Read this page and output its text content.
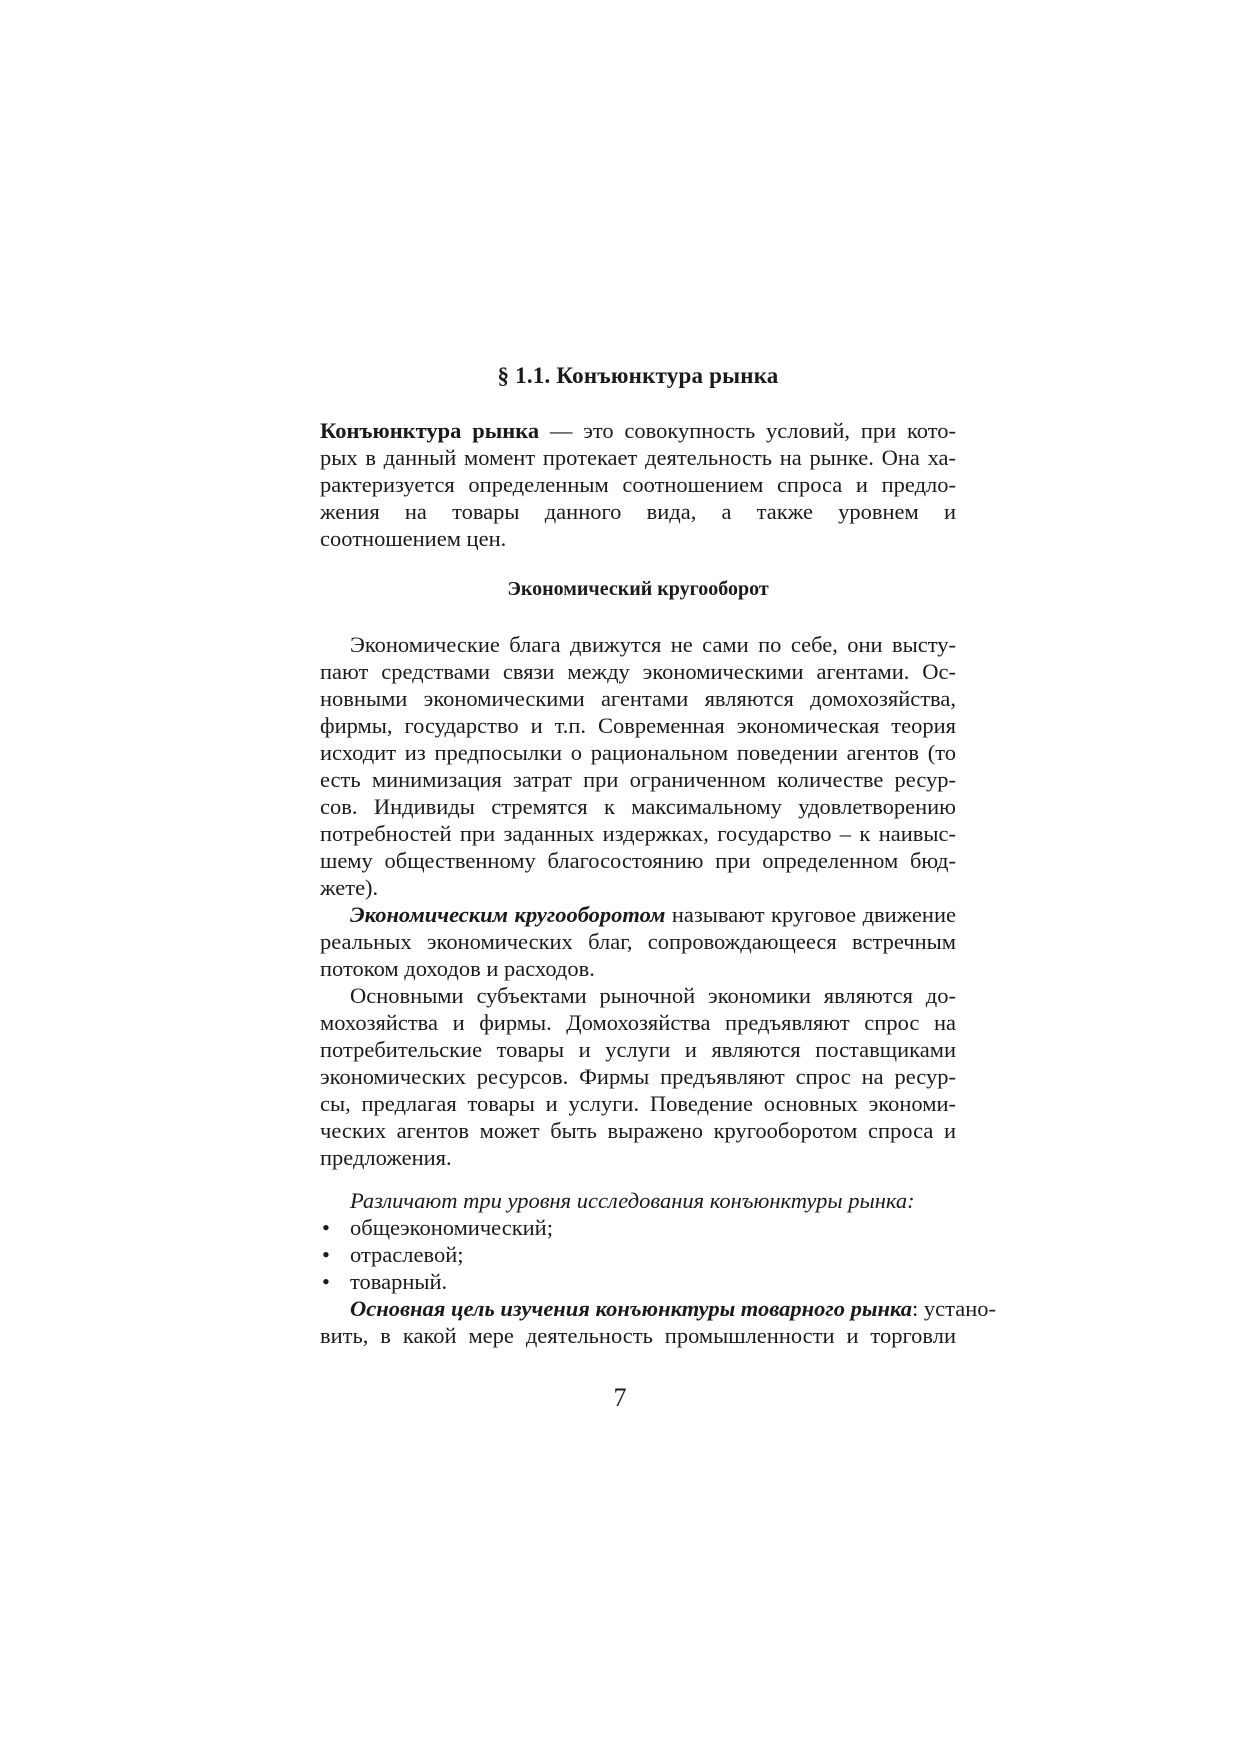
§ 1.1. Конъюнктура рынка

Конъюнктура рынка — это совокупность условий, при кото-
рых в данный момент протекает деятельность на рынке. Она ха-
рактеризуется определенным соотношением спроса и предло-
жения на товары данного вида, а также уровнем и
соотношением цен.

Экономический кругооборот

Экономические блага движутся не сами по себе, они высту-
пают средствами связи между экономическими агентами. Ос-
новными экономическими агентами являются домохозяйства,
фирмы, государство и т.п. Современная экономическая теория
исходит из предпосылки о рациональном поведении агентов (то
есть минимизация затрат при ограниченном количестве ресур-
сов. Индивиды стремятся к максимальному удовлетворению
потребностей при заданных издержках, государство – к наивыс-
шему общественному благосостоянию при определенном бюд-
жете).

Экономическим кругооборотом называют круговое движение
реальных экономических благ, сопровождающееся встречным
потоком доходов и расходов.

Основными субъектами рыночной экономики являются до-
мохозяйства и фирмы. Домохозяйства предъявляют спрос на
потребительские товары и услуги и являются поставщиками
экономических ресурсов. Фирмы предъявляют спрос на ресур-
сы, предлагая товары и услуги. Поведение основных экономи-
ческих агентов может быть выражено кругооборотом спроса и
предложения.

Различают три уровня исследования конъюнктуры рынка:

• общеэкономический;
• отраслевой;
• товарный.

Основная цель изучения конъюнктуры товарного рынка: устано-
вить, в какой мере деятельность промышленности и торговли

7
